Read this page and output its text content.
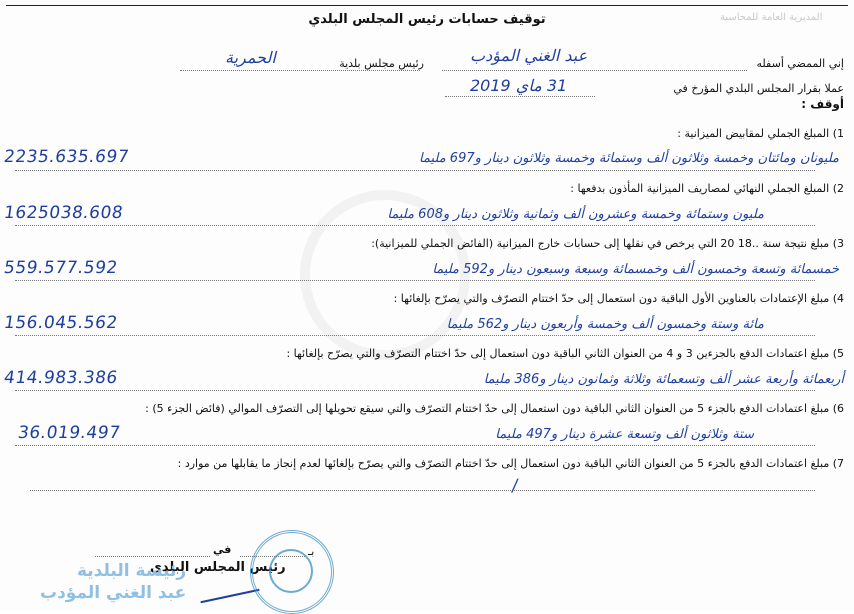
المديرية العامة للمحاسبة
توقيف حسابات رئيس المجلس البلدي
إني الممضي أسفله
عبد الغني المؤدب
رئيس مجلس بلدية
الحمرية
عملا بقرار المجلس البلدي المؤرخ في
31 ماي 2019
أوقف :
1) المبلغ الجملي لمقابيض الميزانية :
2235.635.697	مليونان ومائتان وخمسة وثلاثون ألف وستمائة وخمسة وثلاثون دينار و697 مليما
2) المبلغ الجملي النهائي لمصاريف الميزانية المأذون بدفعها :
1625038.608	مليون وستمائة وخمسة وعشرون ألف وثمانية وثلاثون دينار و608 مليما
3) مبلغ نتيجة سنة ..18 20 التي يرخص في نقلها إلى حسابات خارج الميزانية (الفائض الجملي للميزانية):
559.577.592	خمسمائة وتسعة وخمسون ألف وخمسمائة وسبعة وسبعون دينار و592 مليما
4) مبلغ الإعتمادات بالعناوين الأول الباقية دون استعمال إلى حدّ اختتام التصرّف والتي يصرّح بإلغائها :
156.045.562	مائة وستة وخمسون ألف وخمسة وأربعون دينار و562 مليما
5) مبلغ اعتمادات الدفع بالجزءين 3 و 4 من العنوان الثاني الباقية دون استعمال إلى حدّ اختتام التصرّف والتي يصرّح بإلغائها :
414.983.386	أربعمائة وأربعة عشر ألف وتسعمائة وثلاثة وثمانون دينار و386 مليما
6) مبلغ اعتمادات الدفع بالجزء 5 من العنوان الثاني الباقية دون استعمال إلى حدّ اختتام التصرّف والتي سيقع تحويلها إلى التصرّف الموالي (فائض الجزء 5) :
36.019.497	ستة وثلاثون ألف وتسعة عشرة دينار و497 مليما
7) مبلغ اعتمادات الدفع بالجزء 5 من العنوان الثاني الباقية دون استعمال إلى حدّ اختتام التصرّف والتي يصرّح بإلغائها لعدم إنجاز ما يقابلها من موارد :
/
بـ
في
رئيس المجلس البلدي
رئيسة البلدية
عبد الغني المؤدب
